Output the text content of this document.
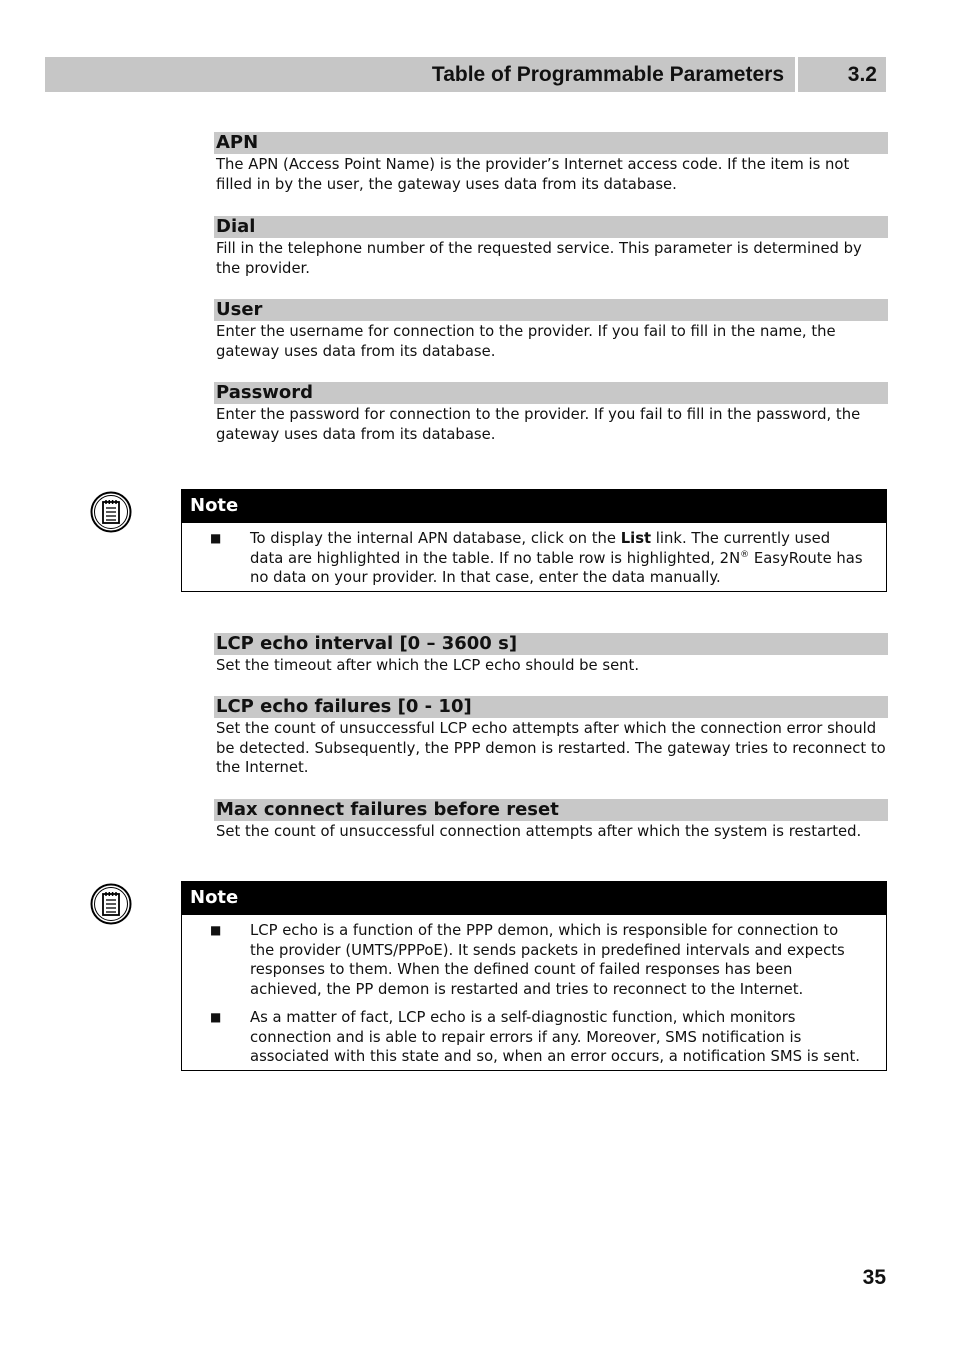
Table of Programmable Parameters	3.2
APN
The APN (Access Point Name) is the provider’s Internet access code. If the item is not filled in by the user, the gateway uses data from its database.
Dial
Fill in the telephone number of the requested service. This parameter is determined by the provider.
User
Enter the username for connection to the provider. If you fail to fill in the name, the gateway uses data from its database.
Password
Enter the password for connection to the provider. If you fail to fill in the password, the gateway uses data from its database.
Note
■	To display the internal APN database, click on the List link. The currently used data are highlighted in the table. If no table row is highlighted, 2N® EasyRoute has no data on your provider. In that case, enter the data manually.
LCP echo interval [0 – 3600 s]
Set the timeout after which the LCP echo should be sent.
LCP echo failures [0 - 10]
Set the count of unsuccessful LCP echo attempts after which the connection error should be detected. Subsequently, the PPP demon is restarted. The gateway tries to reconnect to the Internet.
Max connect failures before reset
Set the count of unsuccessful connection attempts after which the system is restarted.
Note
■	LCP echo is a function of the PPP demon, which is responsible for connection to the provider (UMTS/PPPoE). It sends packets in predefined intervals and expects responses to them. When the defined count of failed responses has been achieved, the PP demon is restarted and tries to reconnect to the Internet.
■	As a matter of fact, LCP echo is a self-diagnostic function, which monitors connection and is able to repair errors if any. Moreover, SMS notification is associated with this state and so, when an error occurs, a notification SMS is sent.
35
